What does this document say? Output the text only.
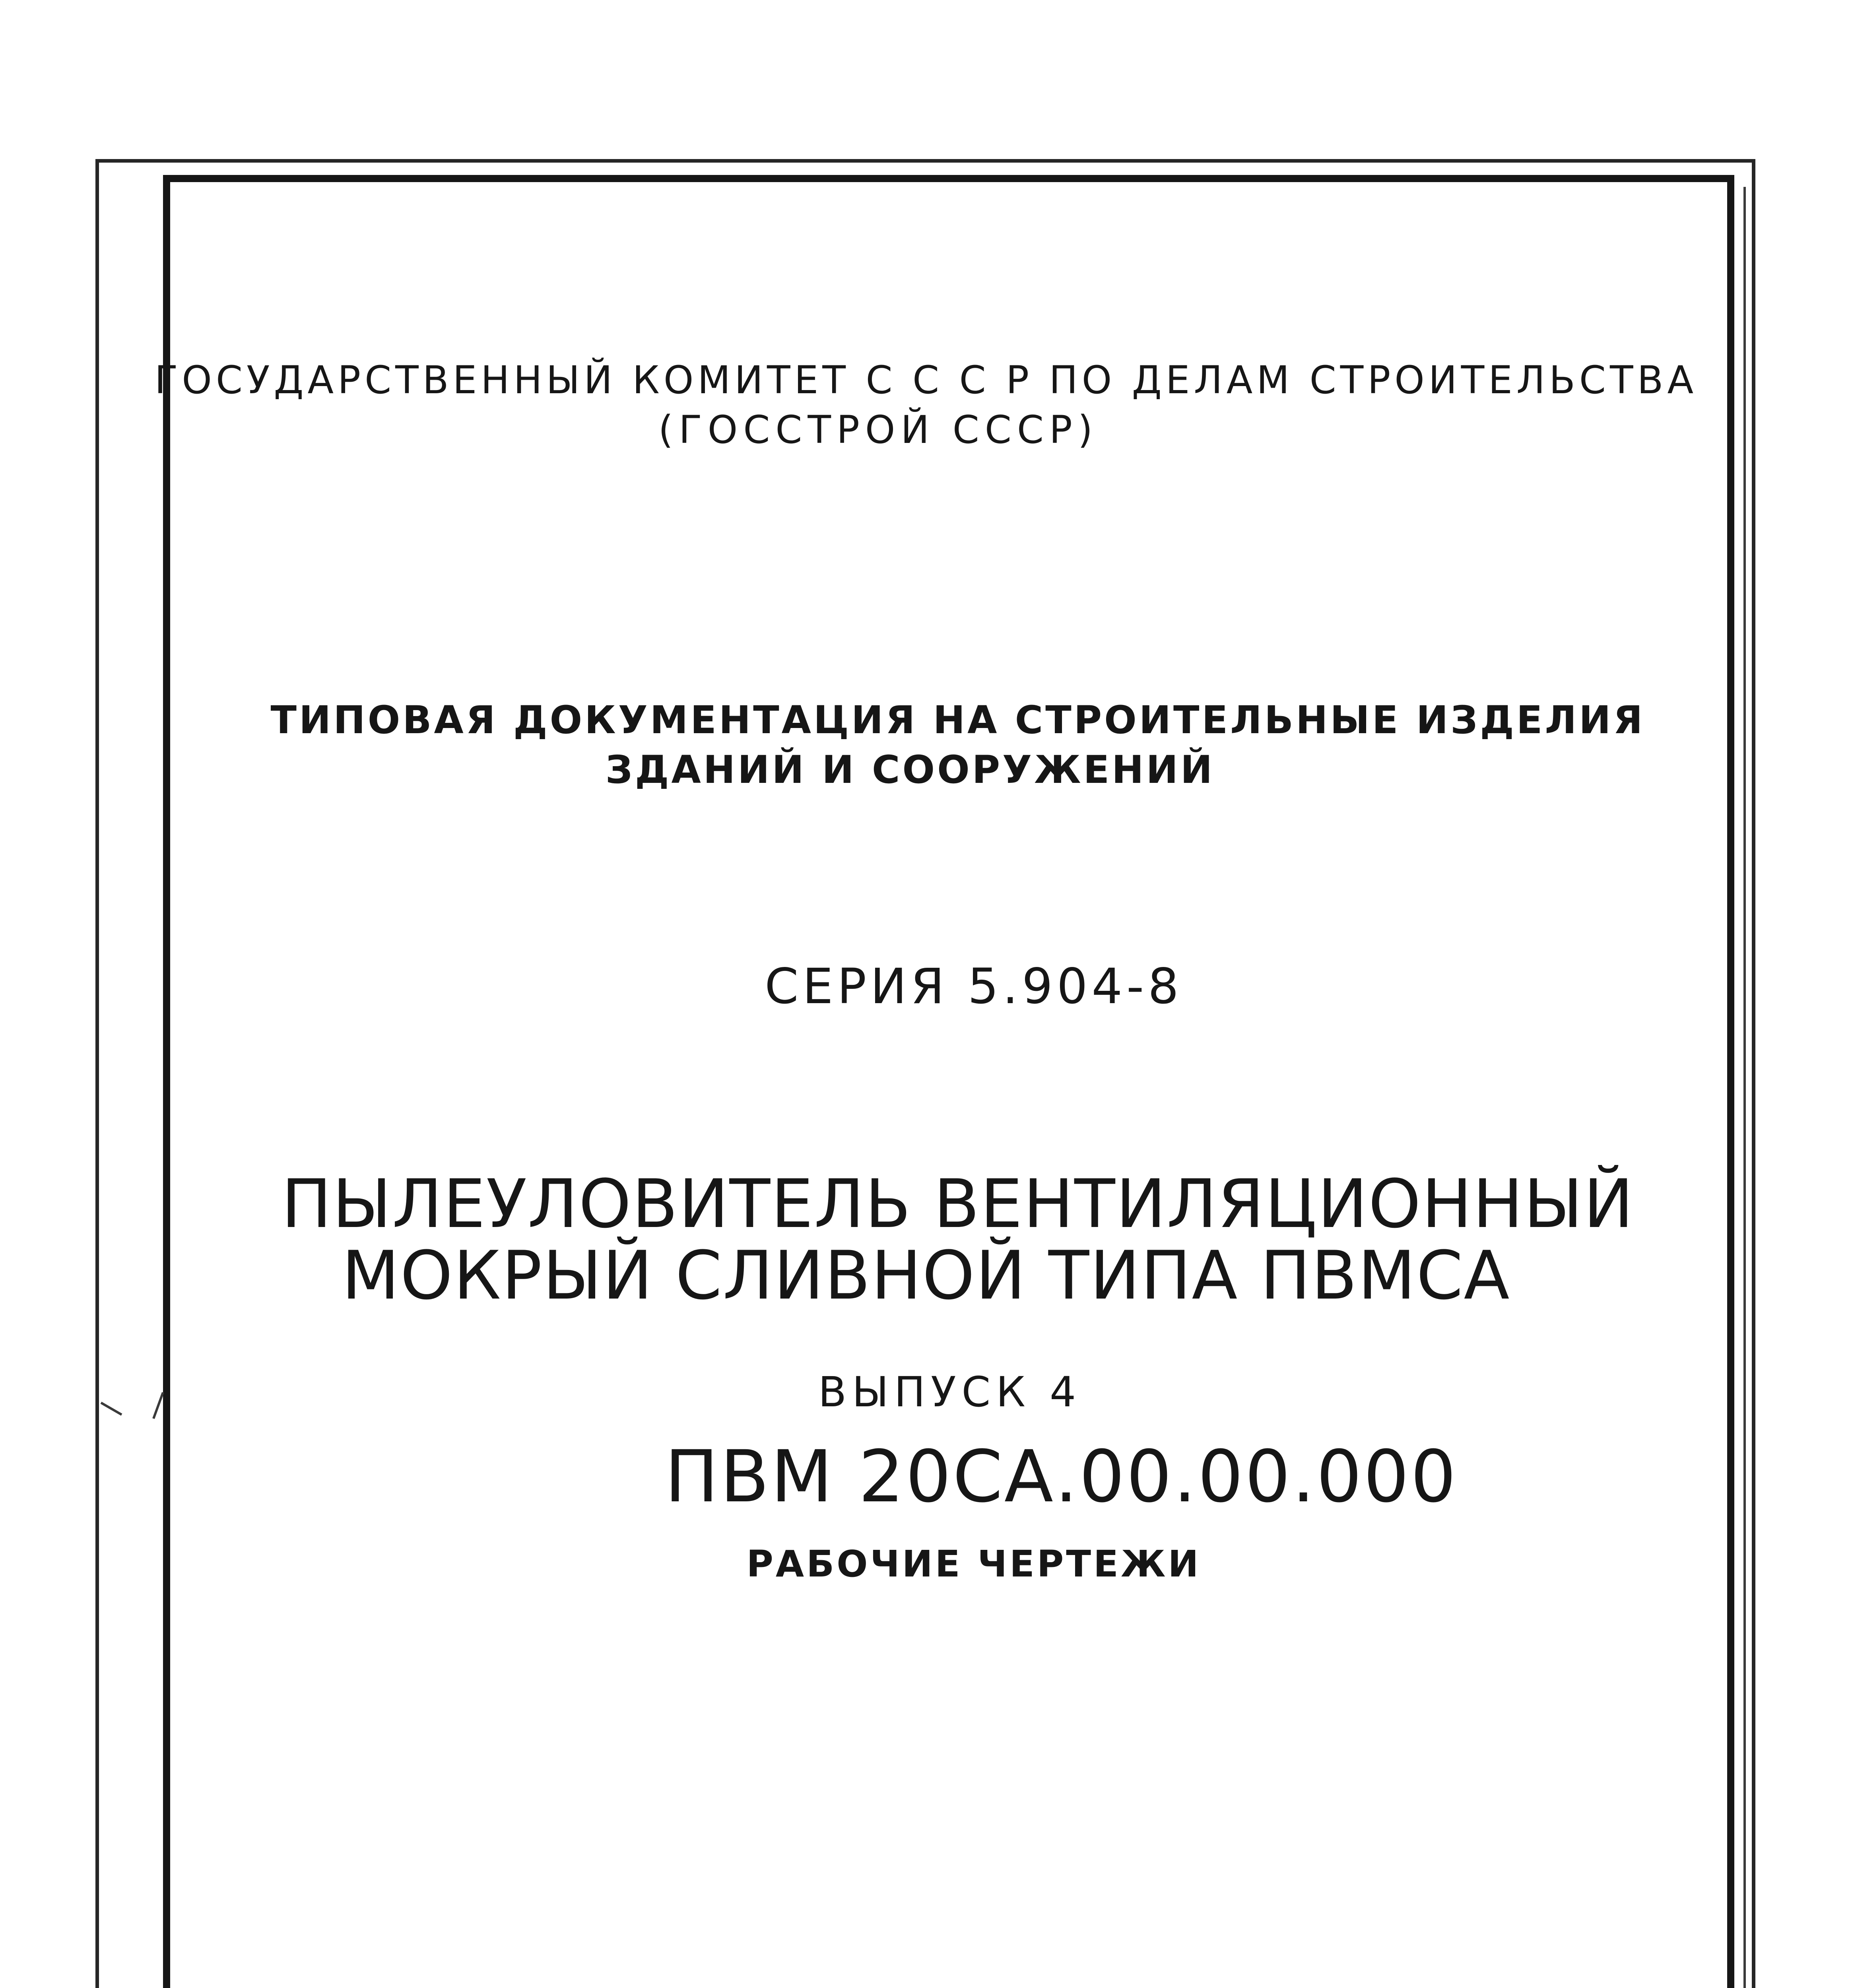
ГОСУДАРСТВЕННЫЙ КОМИТЕТ С С С Р ПО ДЕЛАМ СТРОИТЕЛЬСТВА
(ГОССТРОЙ СССР)
ТИПОВАЯ ДОКУМЕНТАЦИЯ НА СТРОИТЕЛЬНЫЕ ИЗДЕЛИЯ
ЗДАНИЙ И СООРУЖЕНИЙ
СЕРИЯ 5.904-8
ПЫЛЕУЛОВИТЕЛЬ ВЕНТИЛЯЦИОННЫЙ
МОКРЫЙ СЛИВНОЙ ТИПА ПВМСА
ВЫПУСК 4
ПВМ 20СА.00.00.000
РАБОЧИЕ ЧЕРТЕЖИ
